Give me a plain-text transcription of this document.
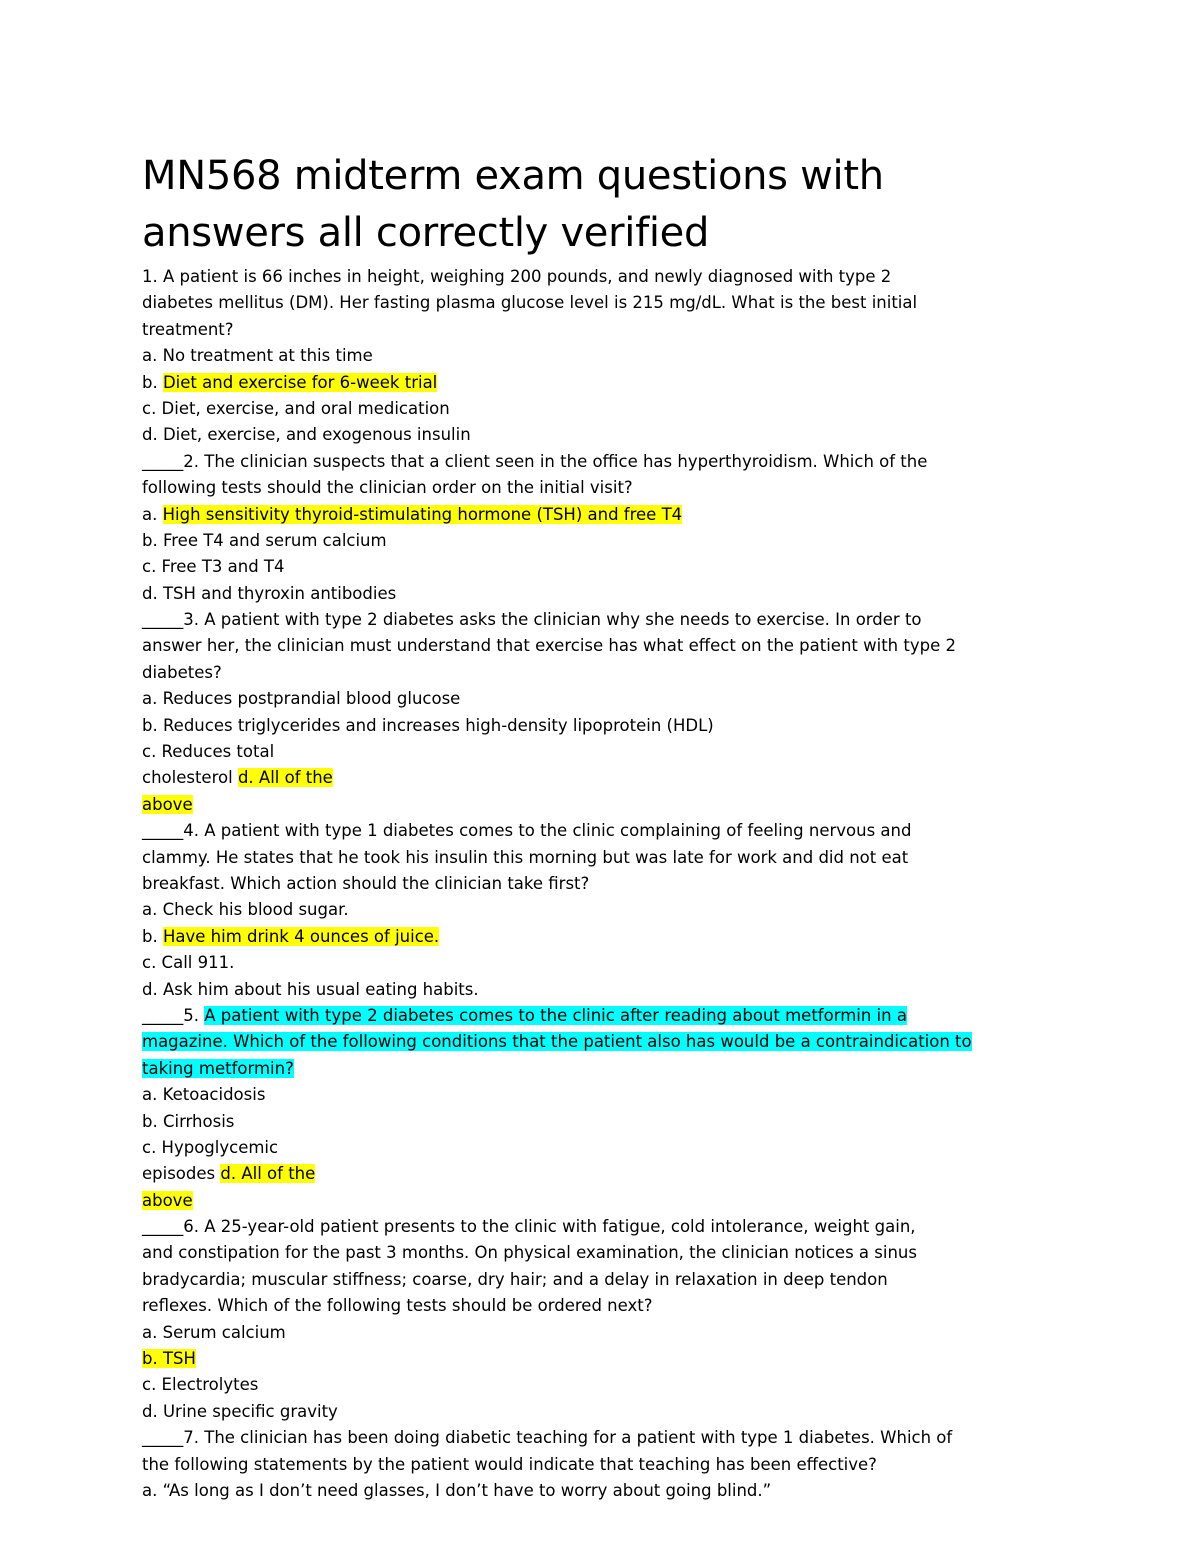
MN568 midterm exam questions with
answers all correctly verified
1. A patient is 66 inches in height, weighing 200 pounds, and newly diagnosed with type 2
diabetes mellitus (DM). Her fasting plasma glucose level is 215 mg/dL. What is the best initial
treatment?
a. No treatment at this time
b. Diet and exercise for 6-week trial
c. Diet, exercise, and oral medication
d. Diet, exercise, and exogenous insulin
_____2. The clinician suspects that a client seen in the office has hyperthyroidism. Which of the
following tests should the clinician order on the initial visit?
a. High sensitivity thyroid-stimulating hormone (TSH) and free T4
b. Free T4 and serum calcium
c. Free T3 and T4
d. TSH and thyroxin antibodies
_____3. A patient with type 2 diabetes asks the clinician why she needs to exercise. In order to
answer her, the clinician must understand that exercise has what effect on the patient with type 2
diabetes?
a. Reduces postprandial blood glucose
b. Reduces triglycerides and increases high-density lipoprotein (HDL)
c. Reduces total
cholesterol d. All of the
above
_____4. A patient with type 1 diabetes comes to the clinic complaining of feeling nervous and
clammy. He states that he took his insulin this morning but was late for work and did not eat
breakfast. Which action should the clinician take first?
a. Check his blood sugar.
b. Have him drink 4 ounces of juice.
c. Call 911.
d. Ask him about his usual eating habits.
_____5. A patient with type 2 diabetes comes to the clinic after reading about metformin in a
magazine. Which of the following conditions that the patient also has would be a contraindication to
taking metformin?
a. Ketoacidosis
b. Cirrhosis
c. Hypoglycemic
episodes d. All of the
above
_____6. A 25-year-old patient presents to the clinic with fatigue, cold intolerance, weight gain,
and constipation for the past 3 months. On physical examination, the clinician notices a sinus
bradycardia; muscular stiffness; coarse, dry hair; and a delay in relaxation in deep tendon
reflexes. Which of the following tests should be ordered next?
a. Serum calcium
b. TSH
c. Electrolytes
d. Urine specific gravity
_____7. The clinician has been doing diabetic teaching for a patient with type 1 diabetes. Which of
the following statements by the patient would indicate that teaching has been effective?
a. “As long as I don’t need glasses, I don’t have to worry about going blind.”
